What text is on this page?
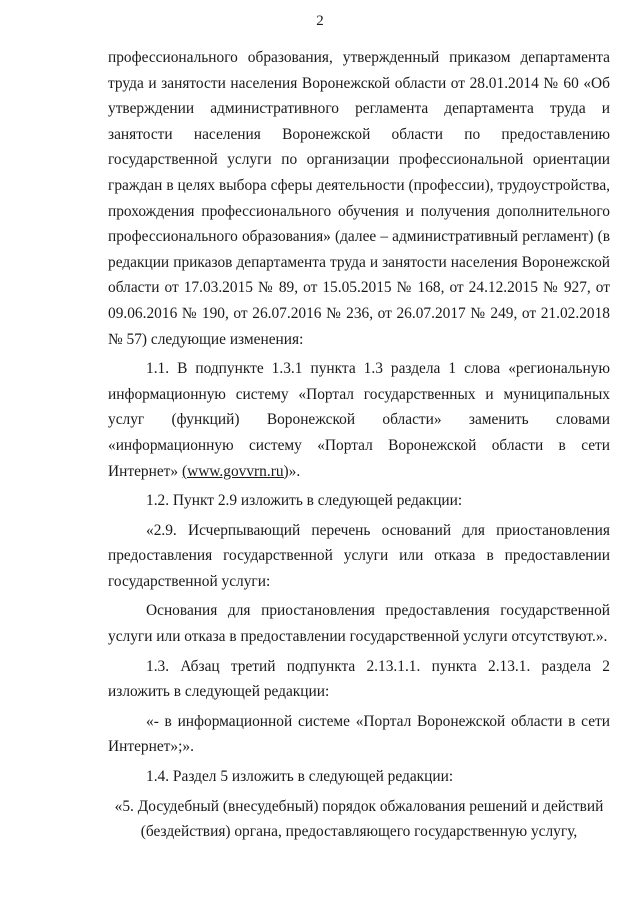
2

профессионального образования, утвержденный приказом департамента труда и занятости населения Воронежской области от 28.01.2014 № 60 «Об утверждении административного регламента департамента труда и занятости населения Воронежской области по предоставлению государственной услуги по организации профессиональной ориентации граждан в целях выбора сферы деятельности (профессии), трудоустройства, прохождения профессионального обучения и получения дополнительного профессионального образования» (далее – административный регламент) (в редакции приказов департамента труда и занятости населения Воронежской области от 17.03.2015 № 89, от 15.05.2015 № 168, от 24.12.2015 № 927, от 09.06.2016 № 190, от 26.07.2016 № 236, от 26.07.2017 № 249, от 21.02.2018 № 57) следующие изменения:

1.1. В подпункте 1.3.1 пункта 1.3 раздела 1 слова «региональную информационную систему «Портал государственных и муниципальных услуг (функций) Воронежской области» заменить словами «информационную систему «Портал Воронежской области в сети Интернет» (www.govvrn.ru)».

1.2. Пункт 2.9 изложить в следующей редакции:

«2.9. Исчерпывающий перечень оснований для приостановления предоставления государственной услуги или отказа в предоставлении государственной услуги:

Основания для приостановления предоставления государственной услуги или отказа в предоставлении государственной услуги отсутствуют.».

1.3. Абзац третий подпункта 2.13.1.1. пункта 2.13.1. раздела 2 изложить в следующей редакции:

«- в информационной системе «Портал Воронежской области в сети Интернет»;».

1.4. Раздел 5 изложить в следующей редакции:

«5. Досудебный (внесудебный) порядок обжалования решений и действий (бездействия) органа, предоставляющего государственную услугу,
